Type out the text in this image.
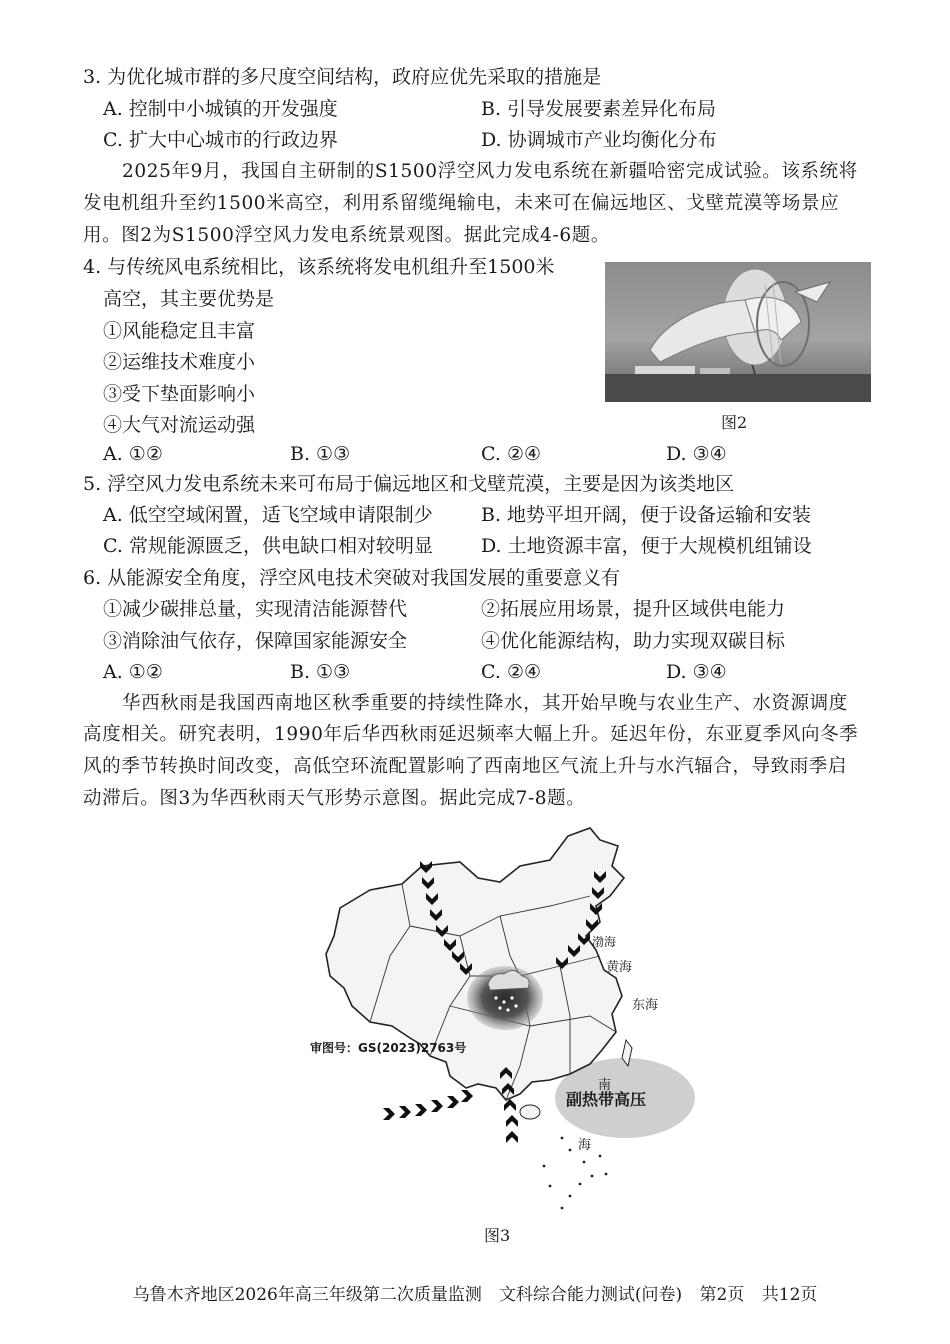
3. 为优化城市群的多尺度空间结构，政府应优先采取的措施是
A. 控制中小城镇的开发强度	B. 引导发展要素差异化布局
C. 扩大中心城市的行政边界	D. 协调城市产业均衡化分布
2025年9月，我国自主研制的S1500浮空风力发电系统在新疆哈密完成试验。该系统将
发电机组升至约1500米高空，利用系留缆绳输电，未来可在偏远地区、戈壁荒漠等场景应
用。图2为S1500浮空风力发电系统景观图。据此完成4-6题。
4. 与传统风电系统相比，该系统将发电机组升至1500米
高空，其主要优势是
①风能稳定且丰富
②运维技术难度小
③受下垫面影响小
④大气对流运动强
A. ①②	B. ①③	C. ②④	D. ③④
图2
5. 浮空风力发电系统未来可布局于偏远地区和戈壁荒漠，主要是因为该类地区
A. 低空空域闲置，适飞空域申请限制少	B. 地势平坦开阔，便于设备运输和安装
C. 常规能源匮乏，供电缺口相对较明显	D. 土地资源丰富，便于大规模机组铺设
6. 从能源安全角度，浮空风电技术突破对我国发展的重要意义有
①减少碳排总量，实现清洁能源替代	②拓展应用场景，提升区域供电能力
③消除油气依存，保障国家能源安全	④优化能源结构，助力实现双碳目标
A. ①②	B. ①③	C. ②④	D. ③④
华西秋雨是我国西南地区秋季重要的持续性降水，其开始早晚与农业生产、水资源调度
高度相关。研究表明，1990年后华西秋雨延迟频率大幅上升。延迟年份，东亚夏季风向冬季
风的季节转换时间改变，高低空环流配置影响了西南地区气流上升与水汽辐合，导致雨季启
动滞后。图3为华西秋雨天气形势示意图。据此完成7-8题。
审图号：GS(2023)2763号
渤海
黄海
东海
南
海
副热带高压
图3
乌鲁木齐地区2026年高三年级第二次质量监测　文科综合能力测试(问卷) 第2页 共12页
